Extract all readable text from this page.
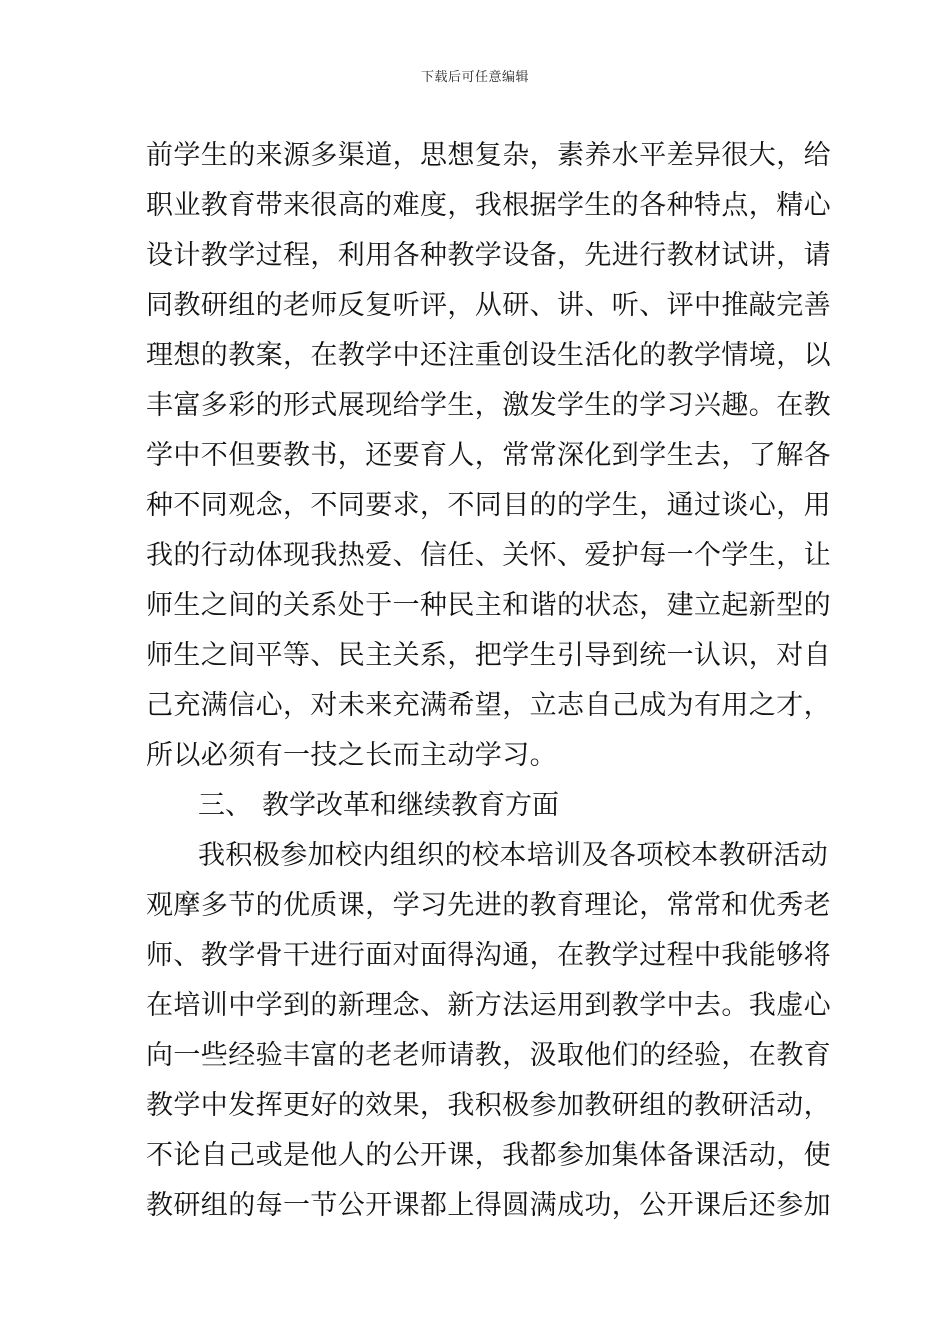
下载后可任意编辑
前学生的来源多渠道，思想复杂，素养水平差异很大，给
职业教育带来很高的难度，我根据学生的各种特点，精心
设计教学过程，利用各种教学设备，先进行教材试讲，请
同教研组的老师反复听评，从研、讲、听、评中推敲完善
理想的教案，在教学中还注重创设生活化的教学情境，以
丰富多彩的形式展现给学生，激发学生的学习兴趣。在教
学中不但要教书，还要育人，常常深化到学生去，了解各
种不同观念，不同要求，不同目的的学生，通过谈心，用
我的行动体现我热爱、信任、关怀、爱护每一个学生，让
师生之间的关系处于一种民主和谐的状态，建立起新型的
师生之间平等、民主关系，把学生引导到统一认识，对自
己充满信心，对未来充满希望，立志自己成为有用之才，
所以必须有一技之长而主动学习。
三、 教学改革和继续教育方面
我积极参加校内组织的校本培训及各项校本教研活动
观摩多节的优质课，学习先进的教育理论，常常和优秀老
师、教学骨干进行面对面得沟通，在教学过程中我能够将
在培训中学到的新理念、新方法运用到教学中去。我虚心
向一些经验丰富的老老师请教，汲取他们的经验，在教育
教学中发挥更好的效果，我积极参加教研组的教研活动，
不论自己或是他人的公开课，我都参加集体备课活动，使
教研组的每一节公开课都上得圆满成功，公开课后还参加
